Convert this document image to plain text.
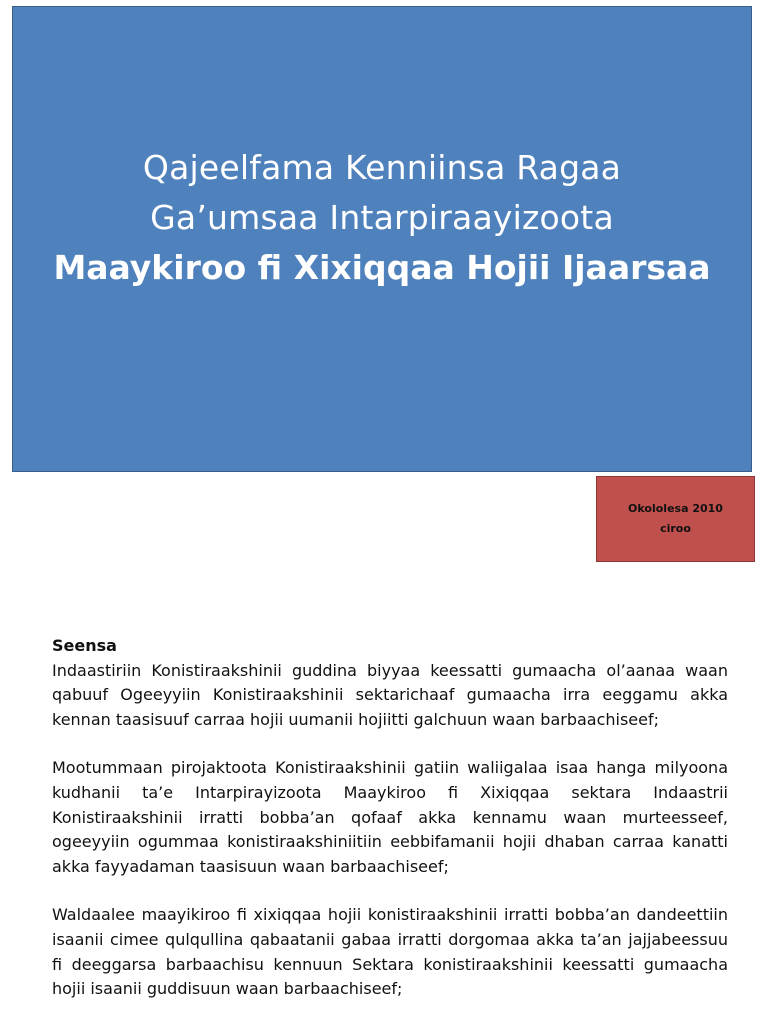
Qajeelfama Kenniinsa Ragaa
Ga’umsaa Intarpiraayizoota
Maaykiroo fi Xixiqqaa Hojii Ijaarsaa
Okololesa 2010
ciroo
Seensa

Indaastiriin Konistiraakshinii guddina biyyaa keessatti gumaacha ol’aanaa waan qabuuf Ogeeyyiin Konistiraakshinii sektarichaaf gumaacha irra eeggamu akka kennan taasisuuf carraa hojii uumanii hojiitti galchuun waan barbaachiseef;

Mootummaan pirojaktoota Konistiraakshinii gatiin waliigalaa isaa hanga milyoona kudhanii ta’e Intarpirayizoota Maaykiroo fi Xixiqqaa sektara Indaastrii Konistiraakshinii irratti bobba’an qofaaf akka kennamu waan murteesseef, ogeeyyiin ogummaa konistiraakshiniitiin eebbifamanii hojii dhaban carraa kanatti akka fayyadaman taasisuun waan barbaachiseef;

Waldaalee maayikiroo fi xixiqqaa hojii konistiraakshinii irratti bobba’an dandeettiin isaanii cimee qulqullina qabaatanii gabaa irratti dorgomaa akka ta’an jajjabeessuu fi deeggarsa barbaachisu kennuun Sektara konistiraakshinii keessatti gumaacha hojii isaanii guddisuun waan barbaachiseef;
